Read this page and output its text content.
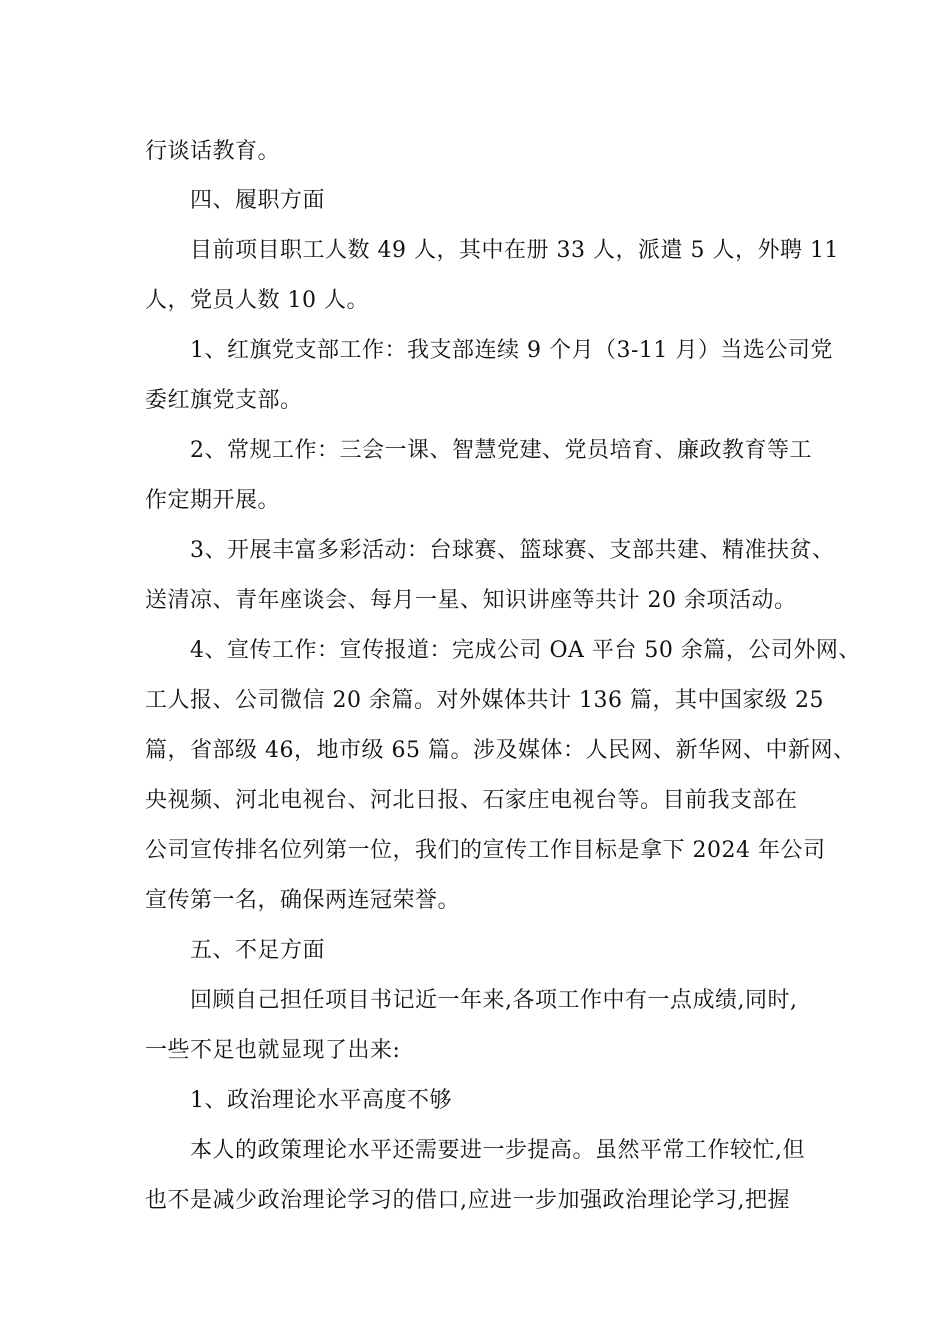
行谈话教育。
四、履职方面
目前项目职工人数 49 人，其中在册 33 人，派遣 5 人，外聘 11
人，党员人数 10 人。
1、红旗党支部工作：我支部连续 9 个月（3-11 月）当选公司党
委红旗党支部。
2、常规工作：三会一课、智慧党建、党员培育、廉政教育等工
作定期开展。
3、开展丰富多彩活动：台球赛、篮球赛、支部共建、精准扶贫、
送清凉、青年座谈会、每月一星、知识讲座等共计 20 余项活动。
4、宣传工作：宣传报道：完成公司 OA 平台 50 余篇，公司外网、
工人报、公司微信 20 余篇。对外媒体共计 136 篇，其中国家级 25
篇，省部级 46，地市级 65 篇。涉及媒体：人民网、新华网、中新网、
央视频、河北电视台、河北日报、石家庄电视台等。目前我支部在
公司宣传排名位列第一位，我们的宣传工作目标是拿下 2024 年公司
宣传第一名，确保两连冠荣誉。
五、不足方面
回顾自己担任项目书记近一年来,各项工作中有一点成绩,同时,
一些不足也就显现了出来:
1、政治理论水平高度不够
本人的政策理论水平还需要进一步提高。虽然平常工作较忙,但
也不是减少政治理论学习的借口,应进一步加强政治理论学习,把握
